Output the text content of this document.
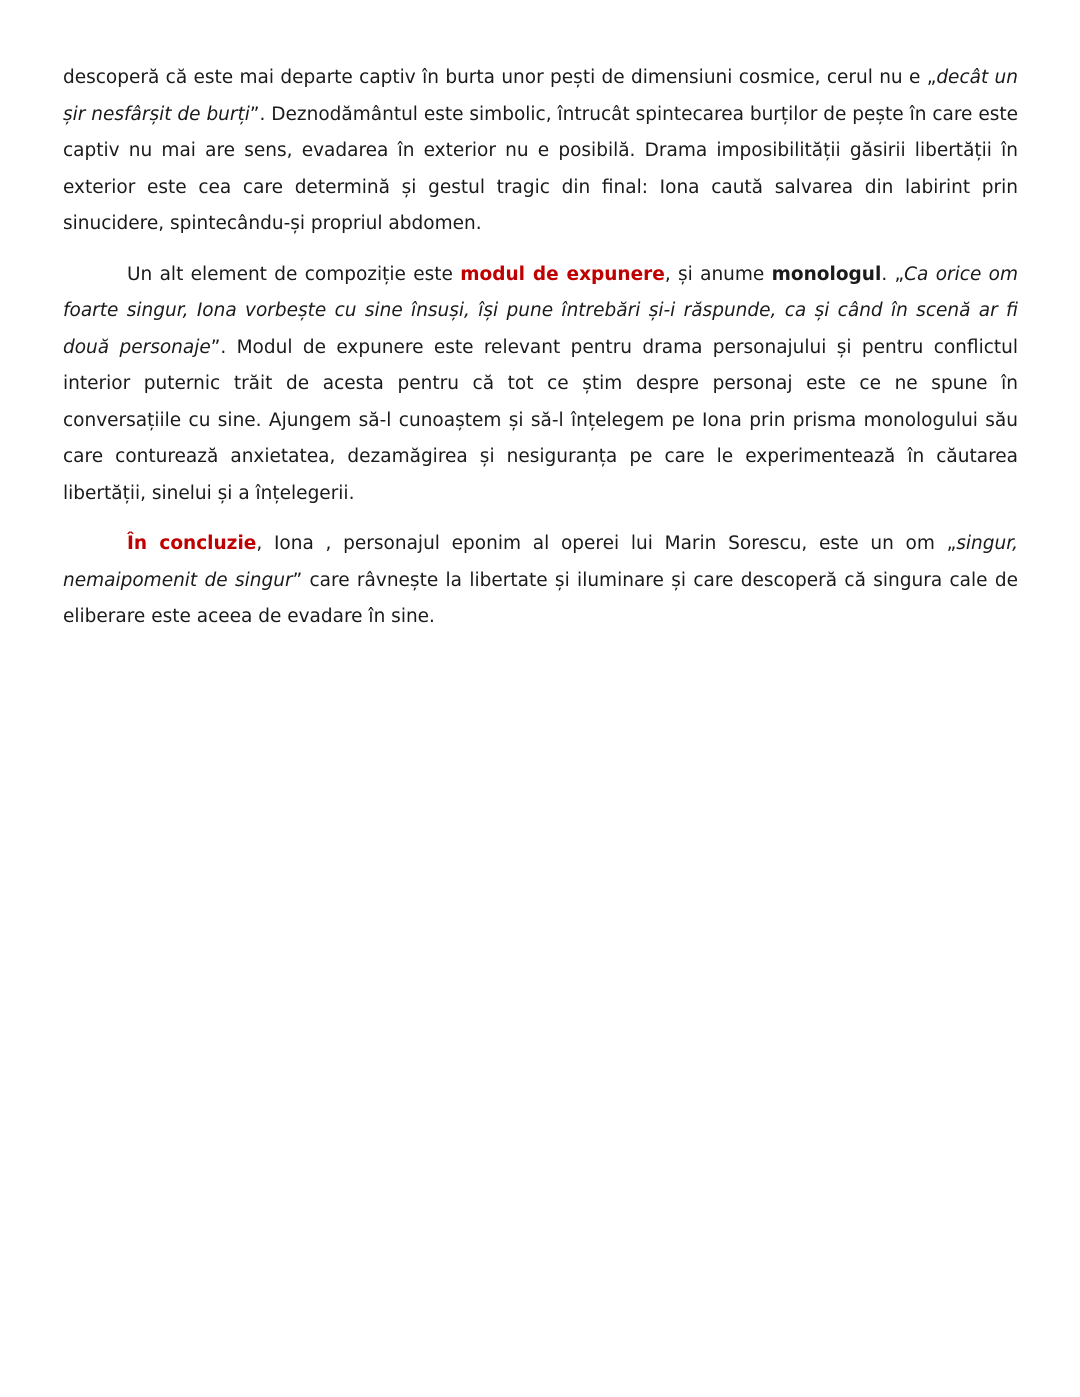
descoperă că este mai departe captiv în burta unor pești de dimensiuni cosmice, cerul nu e „decât un șir nesfârșit de burți”. Deznodământul este simbolic, întrucât spintecarea burților de pește în care este captiv nu mai are sens, evadarea în exterior nu e posibilă. Drama imposibilității găsirii libertății în exterior este cea care determină și gestul tragic din final: Iona caută salvarea din labirint prin sinucidere, spintecându-și propriul abdomen.

Un alt element de compoziție este modul de expunere, și anume monologul. „Ca orice om foarte singur, Iona vorbește cu sine însuși, își pune întrebări și-i răspunde, ca și când în scenă ar fi două personaje”. Modul de expunere este relevant pentru drama personajului și pentru conflictul interior puternic trăit de acesta pentru că tot ce știm despre personaj este ce ne spune în conversațiile cu sine. Ajungem să-l cunoaștem și să-l înțelegem pe Iona prin prisma monologului său care conturează anxietatea, dezamăgirea și nesiguranța pe care le experimentează în căutarea libertății, sinelui și a înțelegerii.

În concluzie, Iona , personajul eponim al operei lui Marin Sorescu, este un om „singur, nemaipomenit de singur” care râvnește la libertate și iluminare și care descoperă că singura cale de eliberare este aceea de evadare în sine.
